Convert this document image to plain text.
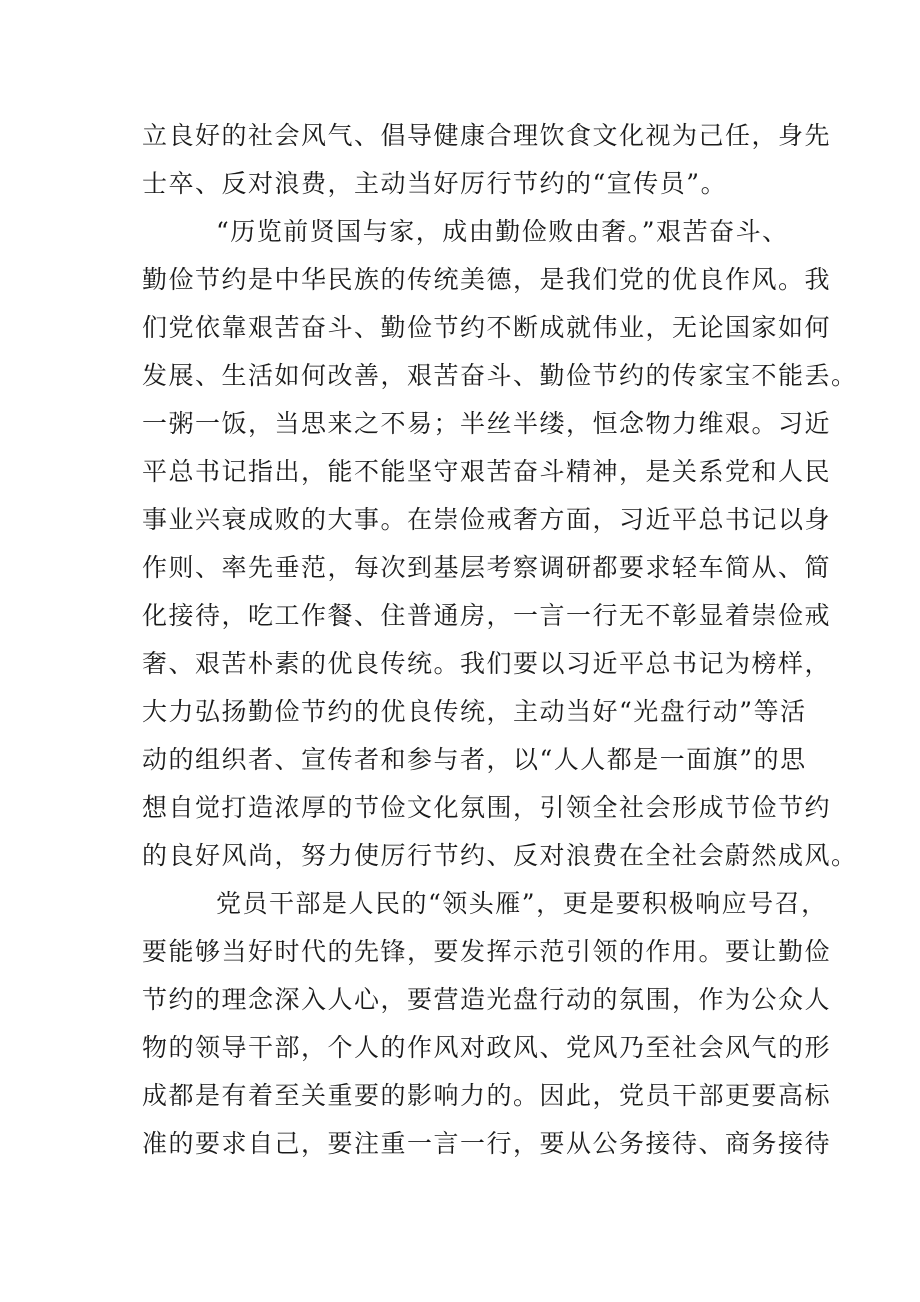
立良好的社会风气、倡导健康合理饮食文化视为己任，身先
士卒、反对浪费，主动当好厉行节约的“宣传员”。
“历览前贤国与家，成由勤俭败由奢。”艰苦奋斗、
勤俭节约是中华民族的传统美德，是我们党的优良作风。我
们党依靠艰苦奋斗、勤俭节约不断成就伟业，无论国家如何
发展、生活如何改善，艰苦奋斗、勤俭节约的传家宝不能丢。
一粥一饭，当思来之不易；半丝半缕，恒念物力维艰。习近
平总书记指出，能不能坚守艰苦奋斗精神，是关系党和人民
事业兴衰成败的大事。在崇俭戒奢方面，习近平总书记以身
作则、率先垂范，每次到基层考察调研都要求轻车简从、简
化接待，吃工作餐、住普通房，一言一行无不彰显着崇俭戒
奢、艰苦朴素的优良传统。我们要以习近平总书记为榜样，
大力弘扬勤俭节约的优良传统，主动当好“光盘行动”等活
动的组织者、宣传者和参与者，以“人人都是一面旗”的思
想自觉打造浓厚的节俭文化氛围，引领全社会形成节俭节约
的良好风尚，努力使厉行节约、反对浪费在全社会蔚然成风。
党员干部是人民的“领头雁”，更是要积极响应号召，
要能够当好时代的先锋，要发挥示范引领的作用。要让勤俭
节约的理念深入人心，要营造光盘行动的氛围，作为公众人
物的领导干部，个人的作风对政风、党风乃至社会风气的形
成都是有着至关重要的影响力的。因此，党员干部更要高标
准的要求自己，要注重一言一行，要从公务接待、商务接待
